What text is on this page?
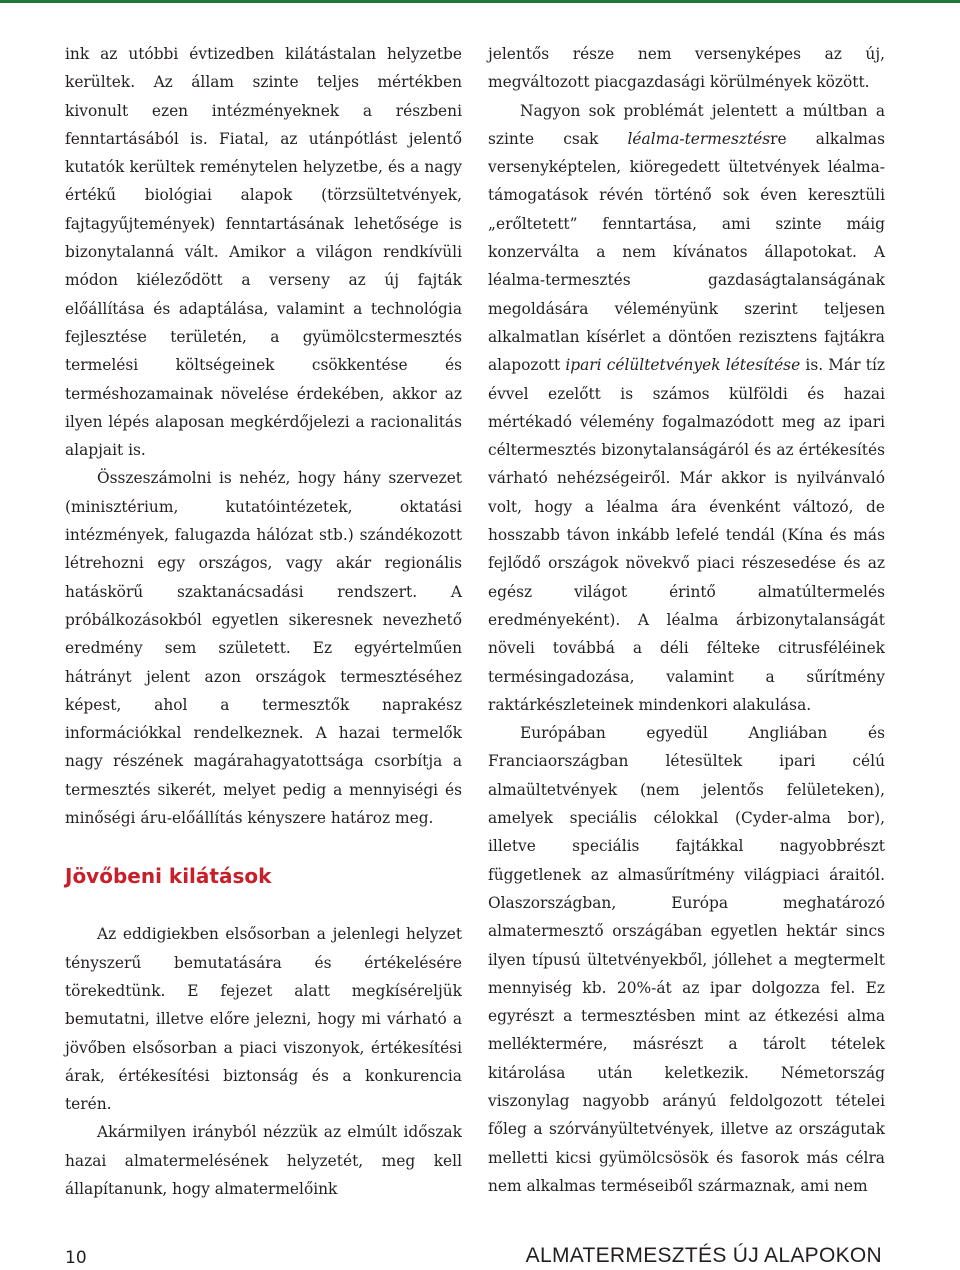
ink az utóbbi évtizedben kilátástalan helyzetbe kerültek. Az állam szinte teljes mértékben kivonult ezen intézményeknek a részbeni fenntartásából is. Fiatal, az utánpótlást jelentő kutatók kerültek reménytelen helyzetbe, és a nagy értékű biológiai alapok (törzsültetvények, fajtagyűjtemények) fenntartásának lehetősége is bizonytalanná vált. Amikor a világon rendkívüli módon kiéleződött a verseny az új fajták előállítása és adaptálása, valamint a technológia fejlesztése területén, a gyümölcstermesztés termelési költségeinek csökkentése és terméshozamainak növelése érdekében, akkor az ilyen lépés alaposan megkérdőjelezi a racionalitás alapjait is.

Összeszámolni is nehéz, hogy hány szervezet (minisztérium, kutatóintézetek, oktatási intézmények, falugazda hálózat stb.) szándékozott létrehozni egy országos, vagy akár regionális hatáskörű szaktanácsadási rendszert. A próbálkozásokból egyetlen sikeresnek nevezhető eredmény sem született. Ez egyértelműen hátrányt jelent azon országok termesztéséhez képest, ahol a termesztők naprakész információkkal rendelkeznek. A hazai termelők nagy részének magárahagyatottsága csorbítja a termesztés sikerét, melyet pedig a mennyiségi és minőségi áru-előállítás kényszere határoz meg.

Jövőbeni kilátások

Az eddigiekben elsősorban a jelenlegi helyzet tényszerű bemutatására és értékelésére törekedtünk. E fejezet alatt megkíséreljük bemutatni, illetve előre jelezni, hogy mi várható a jövőben elsősorban a piaci viszonyok, értékesítési árak, értékesítési biztonság és a konkurencia terén.

Akármilyen irányból nézzük az elmúlt időszak hazai almatermelésének helyzetét, meg kell állapítanunk, hogy almatermelőink

jelentős része nem versenyképes az új, megváltozott piacgazdasági körülmények között.

Nagyon sok problémát jelentett a múltban a szinte csak léalma-termesztésre alkalmas versenyképtelen, kiöregedett ültetvények léalma-támogatások révén történő sok éven keresztüli „erőltetett” fenntartása, ami szinte máig konzerválta a nem kívánatos állapotokat. A léalma-termesztés gazdaságtalanságának megoldására véleményünk szerint teljesen alkalmatlan kísérlet a döntően rezisztens fajtákra alapozott ipari célültetvények létesítése is. Már tíz évvel ezelőtt is számos külföldi és hazai mértékadó vélemény fogalmazódott meg az ipari céltermesztés bizonytalanságáról és az értékesítés várható nehézségeiről. Már akkor is nyilvánvaló volt, hogy a léalma ára évenként változó, de hosszabb távon inkább lefelé tendál (Kína és más fejlődő országok növekvő piaci részesedése és az egész világot érintő almatúltermelés eredményeként). A léalma árbizonytalanságát növeli továbbá a déli félteke citrusféléinek termésingadozása, valamint a sűrítmény raktárkészleteinek mindenkori alakulása.

Európában egyedül Angliában és Franciaországban létesültek ipari célú almaültetvények (nem jelentős felületeken), amelyek speciális célokkal (Cyder-alma bor), illetve speciális fajtákkal nagyobbrészt függetlenek az almasűrítmény világpiaci áraitól. Olaszországban, Európa meghatározó almatermesztő országában egyetlen hektár sincs ilyen típusú ültetvényekből, jóllehet a megtermelt mennyiség kb. 20%-át az ipar dolgozza fel. Ez egyrészt a termesztésben mint az étkezési alma melléktermére, másrészt a tárolt tételek kitárolása után keletkezik. Németország viszonylag nagyobb arányú feldolgozott tételei főleg a szórványültetvények, illetve az országutak melletti kicsi gyümölcsösök és fasorok más célra nem alkalmas terméseiből származnak, ami nem

10	ALMATERMESZTÉS ÚJ ALAPOKON
